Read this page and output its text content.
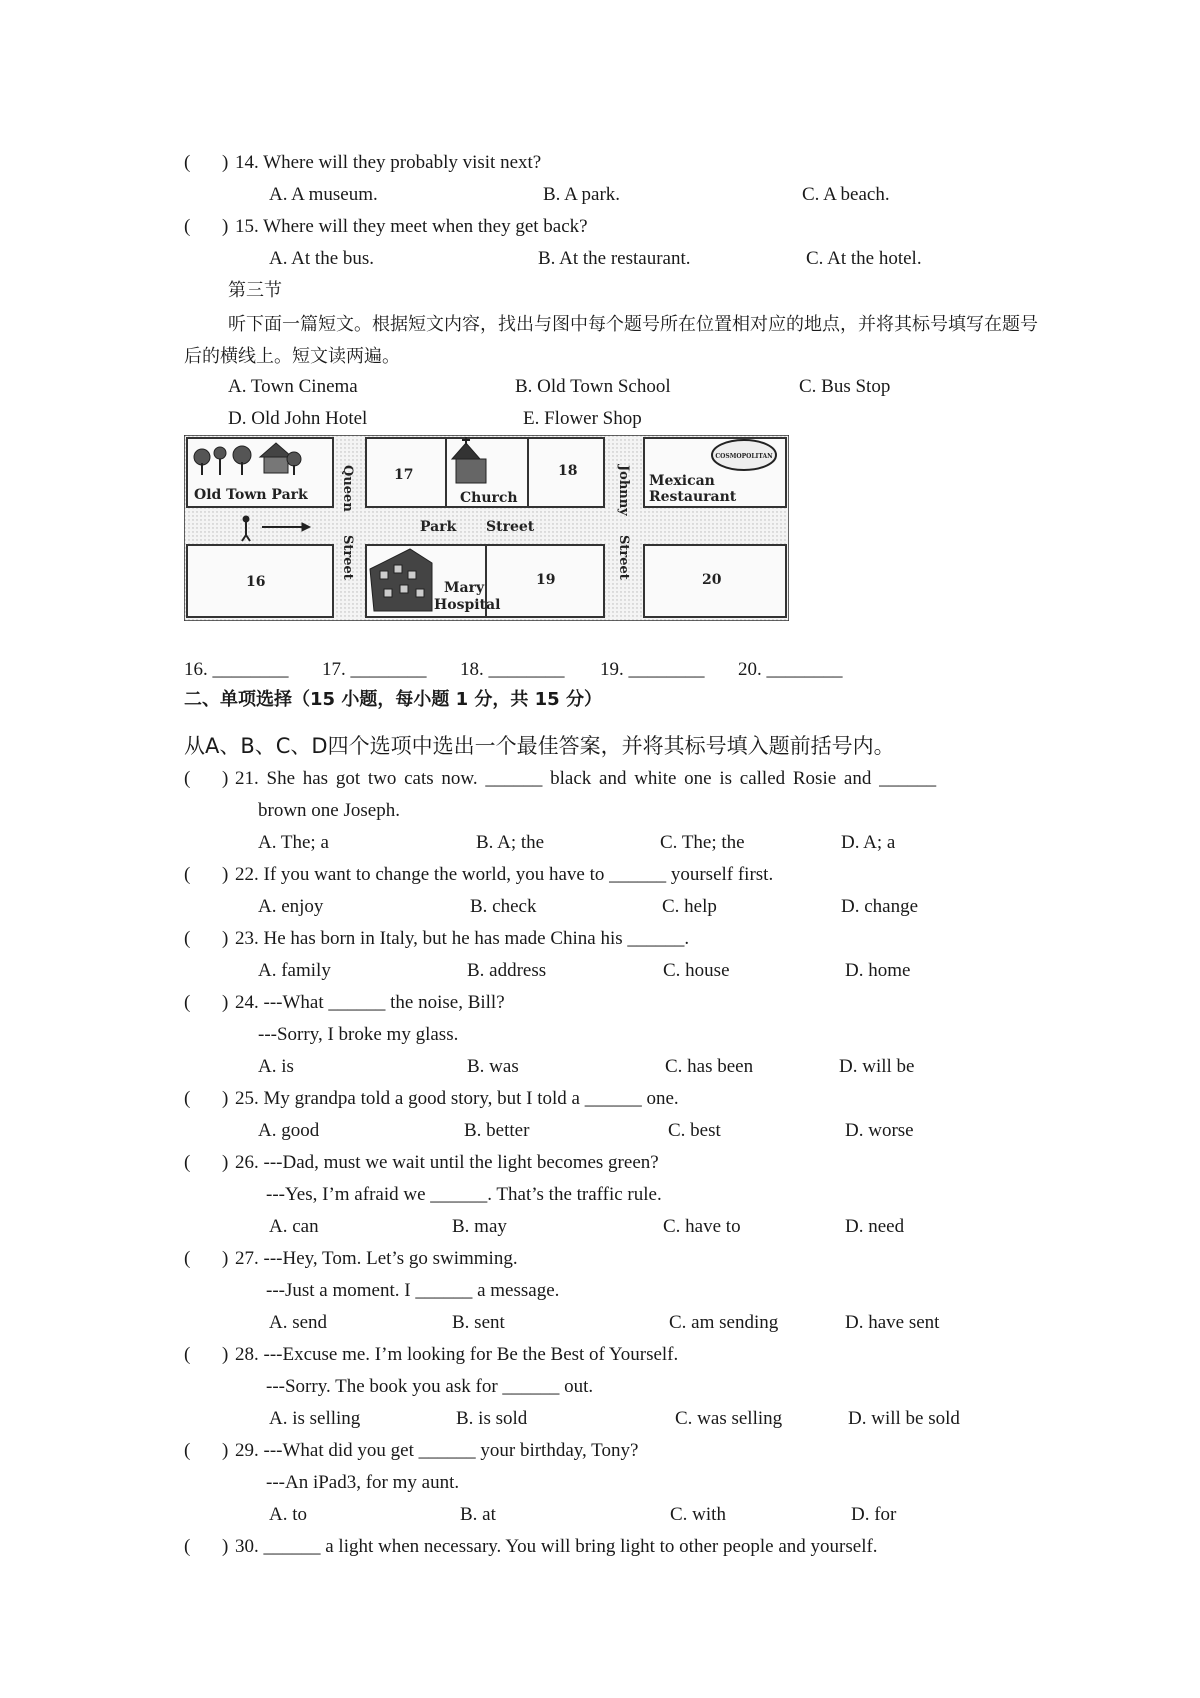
( ) 14. Where will they probably visit next?
A. A museum.	B. A park.	C. A beach.
( ) 15. Where will they meet when they get back?
A. At the bus.	B. At the restaurant.	C. At the hotel.
第三节
听下面一篇短文。根据短文内容，找出与图中每个题号所在位置相对应的地点，并将其标号填写在题号后的横线上。短文读两遍。
A. Town Cinema	B. Old Town School	C. Bus Stop
D. Old John Hotel	E. Flower Shop
Old Town Park
17
Church
18
COSMOPOLITAN
Mexican
Restaurant
Queen
Street
Johnny
Street
Park Street
16	Mary
Hospital
19	20
16. ________ 17. ________ 18. ________ 19. ________ 20. ________
二、单项选择（15 小题，每小题 1 分，共 15 分）
从A、B、C、D四个选项中选出一个最佳答案，并将其标号填入题前括号内。
( ) 21. She has got two cats now. ______ black and white one is called Rosie and ______
brown one Joseph.
A. The; a	B. A; the	C. The; the	D. A; a
( ) 22. If you want to change the world, you have to ______ yourself first.
A. enjoy	B. check	C. help	D. change
( ) 23. He has born in Italy, but he has made China his ______.
A. family	B. address	C. house	D. home
( ) 24. ---What ______ the noise, Bill?
---Sorry, I broke my glass.
A. is	B. was	C. has been	D. will be
( ) 25. My grandpa told a good story, but I told a ______ one.
A. good	B. better	C. best	D. worse
( ) 26. ---Dad, must we wait until the light becomes green?
---Yes, I’m afraid we ______. That’s the traffic rule.
A. can	B. may	C. have to	D. need
( ) 27. ---Hey, Tom. Let’s go swimming.
---Just a moment. I ______ a message.
A. send	B. sent	C. am sending	D. have sent
( ) 28. ---Excuse me. I’m looking for Be the Best of Yourself.
---Sorry. The book you ask for ______ out.
A. is selling	B. is sold	C. was selling	D. will be sold
( ) 29. ---What did you get ______ your birthday, Tony?
---An iPad3, for my aunt.
A. to	B. at	C. with	D. for
( ) 30. ______ a light when necessary. You will bring light to other people and yourself.
